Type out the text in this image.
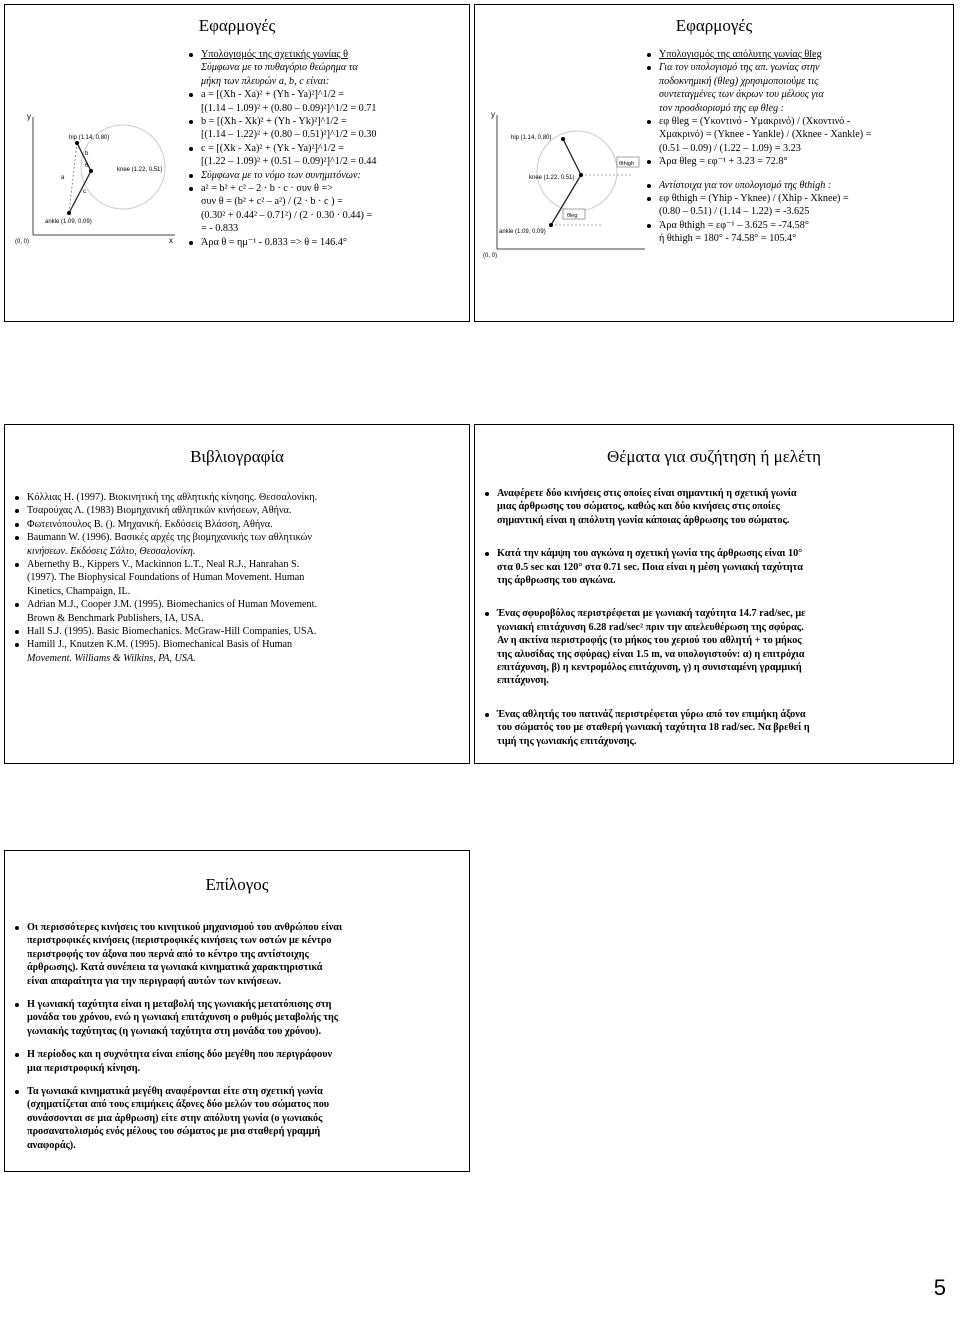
Εφαρμογές
y
x
(0, 0)
hip (1.14, 0.80)
knee (1.22, 0.51)
ankle (1.09, 0.09)
a
b
c
θ
Υπολογισμός της σχετικής γωνίας θ
Σύμφωνα με το πυθαγόριο θεώρημα τα
μήκη των πλευρών a, b, c είναι:
a = [(Xh - Xa)² + (Yh - Ya)²]^1/2 =
[(1.14 – 1.09)² + (0.80 – 0.09)²]^1/2 = 0.71
b = [(Xh - Xk)² + (Yh - Yk)²]^1/2 =
[(1.14 – 1.22)² + (0.80 – 0.51)²]^1/2 = 0.30
c = [(Xk - Xa)² + (Yk - Ya)²]^1/2 =
[(1.22 – 1.09)² + (0.51 – 0.09)²]^1/2 = 0.44
Σύμφωνα με το νόμο των συνημιτόνων:
a² = b² + c² – 2 · b · c · συν θ =>
συν θ = (b² + c² – a²) / (2 · b · c ) =
(0.30² + 0.44² – 0.71²) / (2 · 0.30 · 0.44) =
= - 0.833
Άρα θ = ημ⁻¹ - 0.833 => θ = 146.4°
Εφαρμογές
y
(0, 0)
hip (1.14, 0.80)
knee (1.22, 0.51)
ankle (1.09, 0.09)
θthigh
θleg
Υπολογισμός της απόλυτης γωνίας θleg
Για τον υπολογισμό της απ. γωνίας στην
ποδοκνημική (θleg) χρησιμοποιούμε τις
συντεταγμένες των άκρων του μέλους για
τον προσδιορισμό της εφ θleg :
εφ θleg = (Yκοντινό - Yμακρινό) / (Xκοντινό -
Xμακρινό) = (Yknee - Yankle) / (Xknee - Xankle) =
(0.51 – 0.09) / (1.22 – 1.09) = 3.23
Άρα θleg = εφ⁻¹ + 3.23 = 72.8°
Αντίστοιχα για τον υπολογισμό της θthigh :
εφ θthigh = (Yhip - Yknee) / (Xhip - Xknee) =
(0.80 – 0.51) / (1.14 – 1.22) = -3.625
Άρα θthigh = εφ⁻¹ – 3.625 = -74.58°
ή θthigh = 180° - 74.58° = 105.4°
Βιβλιογραφία
Κόλλιας Η. (1997). Βιοκινητική της αθλητικής κίνησης. Θεσσαλονίκη.
Τσαρούχας Λ. (1983) Βιομηχανική αθλητικών κινήσεων, Αθήνα.
Φωτεινόπουλος Β. (). Μηχανική. Εκδόσεις Βλάσση, Αθήνα.
Baumann W. (1996). Βασικές αρχές της βιομηχανικής των αθλητικών
κινήσεων. Εκδόσεις Σάλτο, Θεσσαλονίκη.
Abernethy B., Kippers V., Mackinnon L.T., Neal R.J., Hanrahan S.
(1997). The Biophysical Foundations of Human Movement. Human
Kinetics, Champaign, IL.
Adrian M.J., Cooper J.M. (1995). Biomechanics of Human Movement.
Brown & Benchmark Publishers, IA, USA.
Hall S.J. (1995). Basic Biomechanics. McGraw-Hill Companies, USA.
Hamill J., Knutzen K.M. (1995). Biomechanical Basis of Human
Movement. Williams & Wilkins, PA, USA.
Θέματα για συζήτηση ή μελέτη
Αναφέρετε δύο κινήσεις στις οποίες είναι σημαντική η σχετική γωνία
μιας άρθρωσης του σώματος, καθώς και δύο κινήσεις στις οποίες
σημαντική είναι η απόλυτη γωνία κάποιας άρθρωσης του σώματος.
Κατά την κάμψη του αγκώνα η σχετική γωνία της άρθρωσης είναι 10°
στα 0.5 sec και 120° στα 0.71 sec. Ποια είναι η μέση γωνιακή ταχύτητα
της άρθρωσης του αγκώνα.
Ένας σφυροβόλος περιστρέφεται με γωνιακή ταχύτητα 14.7 rad/sec, με
γωνιακή επιτάχυνση 6.28 rad/sec² πριν την απελευθέρωση της σφύρας.
Αν η ακτίνα περιστροφής (το μήκος του χεριού του αθλητή + το μήκος
της αλυσίδας της σφύρας) είναι 1.5 m, να υπολογιστούν: α) η επιτρόχια
επιτάχυνση, β) η κεντρομόλος επιτάχυνση, γ) η συνισταμένη γραμμική
επιτάχυνση.
Ένας αθλητής του πατινάζ περιστρέφεται γύρω από τον επιμήκη άξονα
του σώματός του με σταθερή γωνιακή ταχύτητα 18 rad/sec. Να βρεθεί η
τιμή της γωνιακής επιτάχυνσης.
Επίλογος
Οι περισσότερες κινήσεις του κινητικού μηχανισμού του ανθρώπου είναι
περιστροφικές κινήσεις (περιστροφικές κινήσεις των οστών με κέντρο
περιστροφής τον άξονα που περνά από το κέντρο της αντίστοιχης
άρθρωσης). Κατά συνέπεια τα γωνιακά κινηματικά χαρακτηριστικά
είναι απαραίτητα για την περιγραφή αυτών των κινήσεων.
Η γωνιακή ταχύτητα είναι η μεταβολή της γωνιακής μετατόπισης στη
μονάδα του χρόνου, ενώ η γωνιακή επιτάχυνση ο ρυθμός μεταβολής της
γωνιακής ταχύτητας (η γωνιακή ταχύτητα στη μονάδα του χρόνου).
Η περίοδος και η συχνότητα είναι επίσης δύο μεγέθη που περιγράφουν
μια περιστροφική κίνηση.
Τα γωνιακά κινηματικά μεγέθη αναφέρονται είτε στη σχετική γωνία
(σχηματίζεται από τους επιμήκεις άξονες δύο μελών του σώματος που
συνάσσονται σε μια άρθρωση) είτε στην απόλυτη γωνία (ο γωνιακός
προσανατολισμός ενός μέλους του σώματος με μια σταθερή γραμμή
αναφοράς).
5
